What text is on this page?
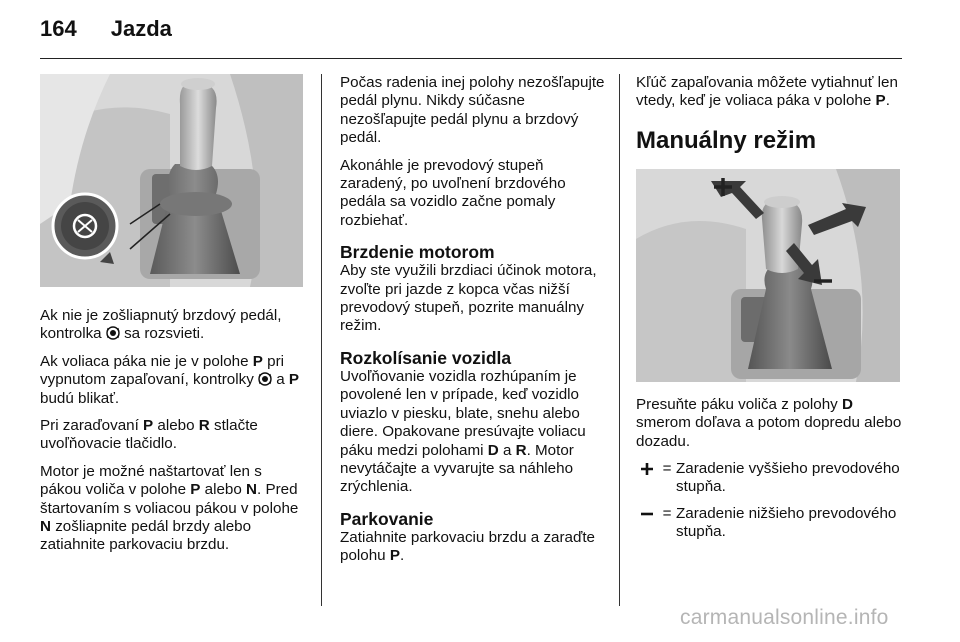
164 Jazda

Ak nie je zošliapnutý brzdový pedál, kontrolka  sa rozsvieti.

Ak voliaca páka nie je v polohe P pri vypnutom zapaľovaní, kontrolky  a P budú blikať.

Pri zaraďovaní P alebo R stlačte uvoľňovacie tlačidlo.

Motor je možné naštartovať len s pákou voliča v polohe P alebo N. Pred štartovaním s voliacou pákou v polohe N zošliapnite pedál brzdy alebo zatiahnite parkovaciu brzdu.

Počas radenia inej polohy nezošľapujte pedál plynu. Nikdy súčasne nezošľapujte pedál plynu a brzdový pedál.

Akonáhle je prevodový stupeň zaradený, po uvoľnení brzdového pedála sa vozidlo začne pomaly rozbiehať.

Brzdenie motorom

Aby ste využili brzdiaci účinok motora, zvoľte pri jazde z kopca včas nižší prevodový stupeň, pozrite manuálny režim.

Rozkolísanie vozidla

Uvoľňovanie vozidla rozhúpaním je povolené len v prípade, keď vozidlo uviazlo v piesku, blate, snehu alebo diere. Opakovane presúvajte voliacu páku medzi polohami D a R. Motor nevytáčajte a vyvarujte sa náhleho zrýchlenia.

Parkovanie

Zatiahnite parkovaciu brzdu a zaraďte polohu P.

Kľúč zapaľovania môžete vytiahnuť len vtedy, keď je voliaca páka v polohe P.

Manuálny režim

Presuňte páku voliča z polohy D smerom doľava a potom dopredu alebo dozadu.

= Zaradenie vyššieho prevodového stupňa.
= Zaradenie nižšieho prevodového stupňa.
carmanualsonline.info
